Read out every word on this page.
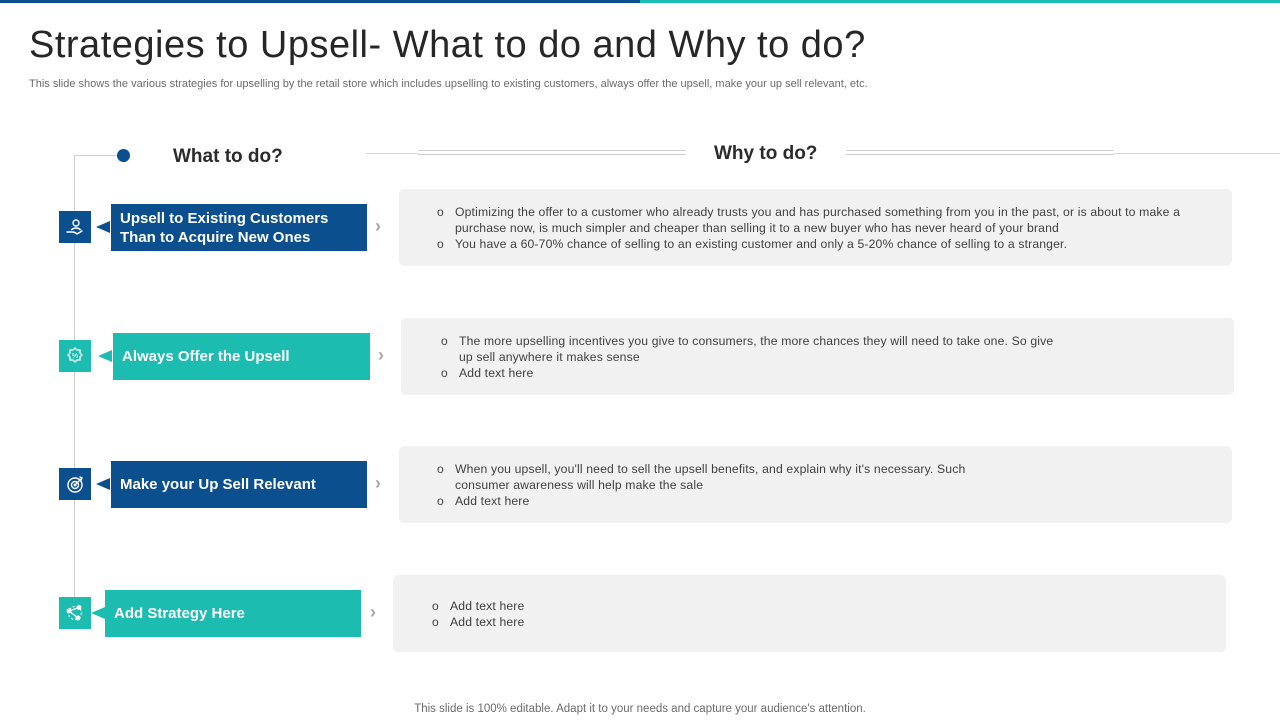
Strategies to Upsell- What to do and Why to do?

This slide shows the various strategies for upselling by the retail store which includes upselling to existing customers, always offer the upsell, make your up sell relevant, etc.

What to do?	Why to do?
Upsell to Existing Customers Than to Acquire New Ones
›
o Optimizing the offer to a customer who already trusts you and has purchased something from you in the past, or is about to make a purchase now, is much simpler and cheaper than selling it to a new buyer who has never heard of your brand
o You have a 60-70% chance of selling to an existing customer and only a 5-20% chance of selling to a stranger.
%	Always Offer the Upsell	›
o The more upselling incentives you give to consumers, the more chances they will need to take one. So give up sell anywhere it makes sense
o Add text here
Make your Up Sell Relevant	›
o When you upsell, you'll need to sell the upsell benefits, and explain why it's necessary. Such consumer awareness will help make the sale
o Add text here
Add Strategy Here	›
o	Add text here
o Add text here
This slide is 100% editable. Adapt it to your needs and capture your audience's attention.
